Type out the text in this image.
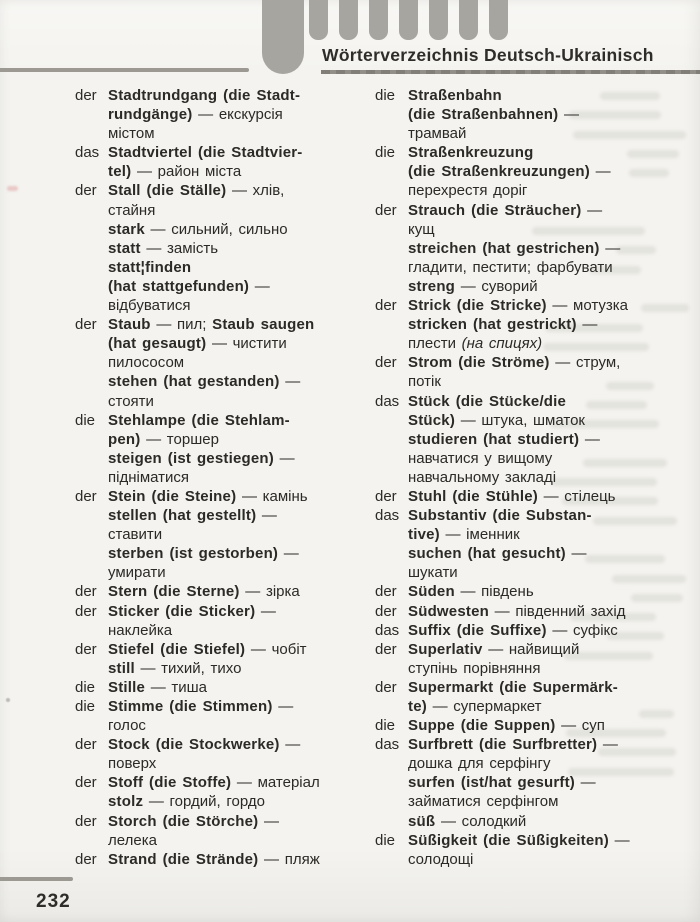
Wörterverzeichnis Deutsch-Ukrainisch
der Stadtrundgang (die Stadt-
rundgänge) — екскурсія
містом
das Stadtviertel (die Stadtvier-
tel) — район міста
der Stall (die Ställe) — хлів,
стайня
stark — сильний, сильно
statt — замість
statt¦finden
(hat stattgefunden) —
відбуватися
der Staub — пил; Staub saugen
(hat gesaugt) — чистити
пилососом
stehen (hat gestanden) —
стояти
die Stehlampe (die Stehlam-
pen) — торшер
steigen (ist gestiegen) —
підніматися
der Stein (die Steine) — камінь
stellen (hat gestellt) —
ставити
sterben (ist gestorben) —
умирати
der Stern (die Sterne) — зірка
der Sticker (die Sticker) —
наклейка
der Stiefel (die Stiefel) — чобіт
still — тихий, тихо
die Stille — тиша
die Stimme (die Stimmen) —
голос
der Stock (die Stockwerke) —
поверх
der Stoff (die Stoffe) — матеріал
stolz — гордий, гордо
der Storch (die Störche) —
лелека
der Strand (die Strände) — пляж
die Straßenbahn
(die Straßenbahnen) —
трамвай
die Straßenkreuzung
(die Straßenkreuzungen) —
перехрестя доріг
der Strauch (die Sträucher) —
кущ
streichen (hat gestrichen) —
гладити, пестити; фарбувати
streng — суворий
der Strick (die Stricke) — мотузка
stricken (hat gestrickt) —
плести (на спицях)
der Strom (die Ströme) — струм,
потік
das Stück (die Stücke/die
Stück) — штука, шматок
studieren (hat studiert) —
навчатися у вищому
навчальному закладі
der Stuhl (die Stühle) — стілець
das Substantiv (die Substan-
tive) — іменник
suchen (hat gesucht) —
шукати
der Süden — південь
der Südwesten — південний захід
das Suffix (die Suffixe) — суфікс
der Superlativ — найвищий
ступінь порівняння
der Supermarkt (die Supermärk-
te) — супермаркет
die Suppe (die Suppen) — суп
das Surfbrett (die Surfbretter) —
дошка для серфінгу
surfen (ist/hat gesurft) —
займатися серфінгом
süß — солодкий
die Süßigkeit (die Süßigkeiten) —
солодощі
232
